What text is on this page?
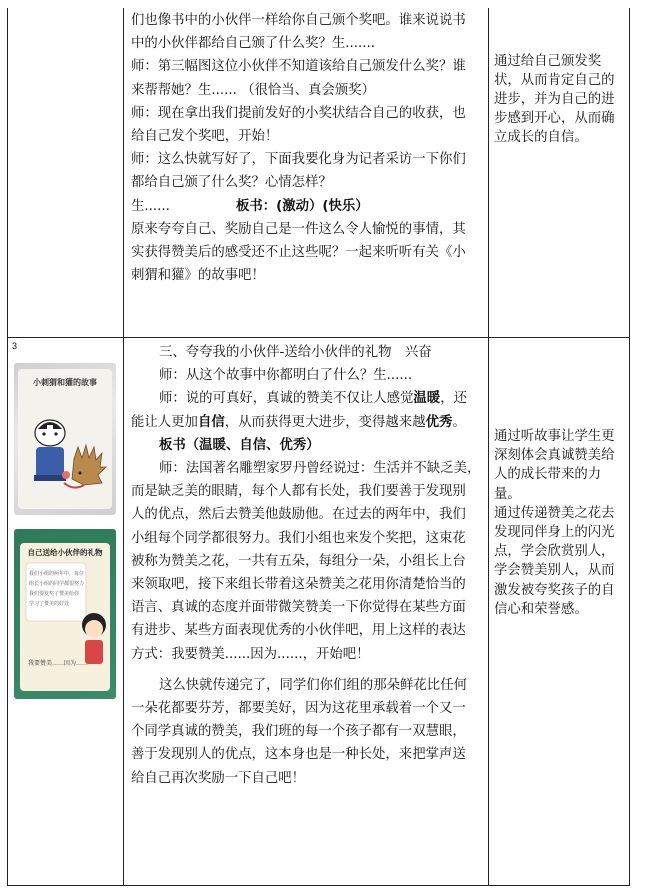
们也像书中的小伙伴一样给你自己颁个奖吧。谁来说说书

中的小伙伴都给自己颁了什么奖？生.......

师：第三幅图这位小伙伴不知道该给自己颁发什么奖？谁

来帮帮她？生...... （很恰当、真会颁奖）

师：现在拿出我们提前发好的小奖状结合自己的收获，也

给自己发个奖吧，开始！

师：这么快就写好了，下面我要化身为记者采访一下你们

都给自己颁了什么奖？心情怎样？

生......	板书：(激动）(快乐）

原来夸夸自己、奖励自己是一件这么令人愉悦的事情，其

实获得赞美后的感受还不止这些呢？一起来听听有关《小

刺猬和獾》的故事吧！

通过给自己颁发奖状，从而肯定自己的进步，并为自己的进步感到开心，从而确立成长的自信。

3
小刺猬和獾的故事
自己送给小伙伴的礼物
我们小组的两年中，每位
组长小组的同学都很努力
我们要发奖了赞美给你
学习了赞美的好处
我要赞美……因为……

三、夸夸我的小伙伴-送给小伙伴的礼物　兴奋

师：从这个故事中你都明白了什么？生......

师：说的可真好，真诚的赞美不仅让人感觉温暖，还

能让人更加自信，从而获得更大进步，变得越来越优秀。

板书（温暖、自信、优秀）

师：法国著名雕塑家罗丹曾经说过：生活并不缺乏美，

而是缺乏美的眼睛，每个人都有长处，我们要善于发现别

人的优点，然后去赞美他鼓励他。在过去的两年中，我们

小组每个同学都很努力。我们小组也来发个奖把，这束花

被称为赞美之花，一共有五朵，每组分一朵，小组长上台

来领取吧，接下来组长带着这朵赞美之花用你清楚恰当的

语言、真诚的态度并面带微笑赞美一下你觉得在某些方面

有进步、某些方面表现优秀的小伙伴吧，用上这样的表达

方式：我要赞美......因为......，开始吧！

这么快就传递完了，同学们你们组的那朵鲜花比任何

一朵花都要芬芳，都要美好，因为这花里承载着一个又一

个同学真诚的赞美，我们班的每一个孩子都有一双慧眼，

善于发现别人的优点，这本身也是一种长处，来把掌声送

给自己再次奖励一下自己吧！

通过听故事让学生更深刻体会真诚赞美给人的成长带来的力量。
通过传递赞美之花去发现同伴身上的闪光点，学会欣赏别人，学会赞美别人，从而激发被夸奖孩子的自信心和荣誉感。
